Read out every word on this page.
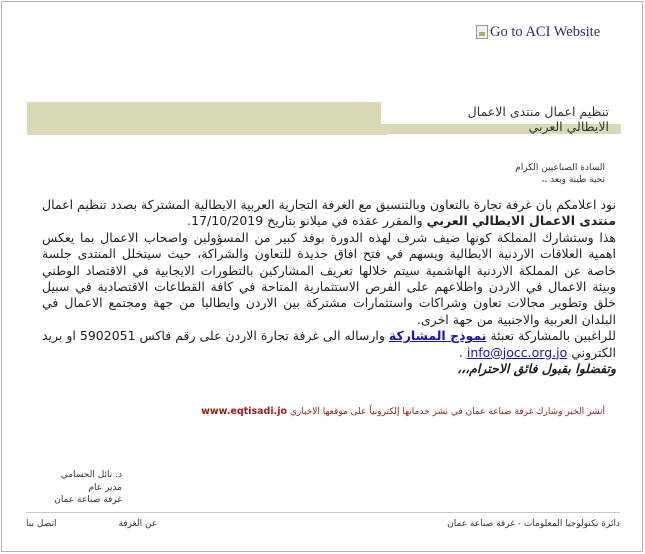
Go to ACI Website
تنظيم اعمال منتدى الاعمال
الايطالي العربي
السادة الصناعيين الكرام
تحية طيبة وبعد ،،

نود اعلامكم بان غرفة تجارة بالتعاون وبالتنسيق مع الغرفة التجارية العربية الايطالية المشتركة بصدد تنظيم اعمال منتدى الاعمال الايطالي العربي والمقرر عقده في ميلانو بتاريخ 17/10/2019.

هذا وستشارك المملكة كونها ضيف شرف لهذه الدورة بوفد كبير من المسؤولين واصحاب الاعمال بما يعكس اهمية العلاقات الاردنية الايطالية ويسهم في فتح افاق جديدة للتعاون والشراكة، حيث سيتخلل المنتدى جلسة خاصة عن المملكة الاردنية الهاشمية سيتم خلالها تعريف المشاركين بالتطورات الايجابية في الاقتصاد الوطني وبيئة الاعمال في الاردن واطلاعهم على الفرص الاستثمارية المتاحة في كافة القطاعات الاقتصادية في سبيل خلق وتطوير مجالات تعاون وشراكات واستثمارات مشتركة بين الاردن وايطاليا من جهة ومجتمع الاعمال في البلدان العربية والاجنبية من جهة اخرى.

للراغبين بالمشاركة تعبئة نموذج المشاركة وارساله الى غرفة تجارة الاردن على رقم فاكس 5902051 او بريد الكتروني info@jocc.org.jo .

وتفضلوا بقبول فائق الاحترام،،،

أنشر الخبر وشارك غرفة صناعة عمان في نشر خدماتها إلكترونياً على موقعها الاخباري www.eqtisadi.jo
د. نائل الحسامي
مدير عام
غرفة صناعة عمان
دائرة تكنولوجيا المعلومات - غرفة صناعة عمان
عن الغرفة
اتصل بنا
